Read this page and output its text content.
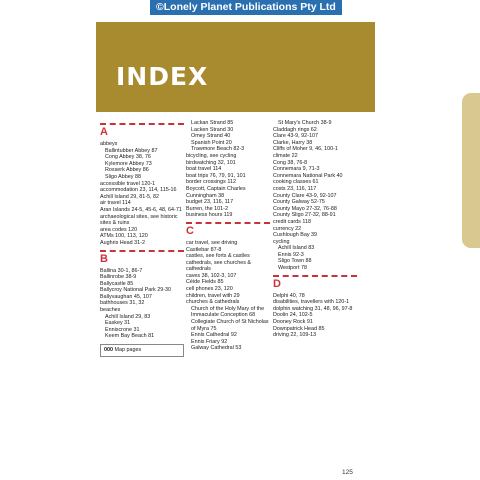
©Lonely Planet Publications Pty Ltd
INDEX
A
abbeys
Ballintubber Abbey 87
Cong Abbey 38, 76
Kylemore Abbey 73
Rosserk Abbey 86
Sligo Abbey 88
accessible travel 120-1
accommodation 23, 114, 115-16
Achill Island 29, 81-5, 82
air travel 114
Aran Islands 24-5, 45-6, 48, 64-71
archaeological sites, see historic sites & ruins
area codes 120
ATMs 100, 113, 120
Aughris Head 31-2
B
Ballina 30-1, 86-7
Ballinrobe 38-9
Ballycastle 85
Ballycroy National Park 29-30
Ballyvaughan 45, 107
bathhouses 31, 32
beaches
Achill Island 29, 83
Easkey 31
Enniscrone 31
Keem Bay Beach 81
000 Map pages
Lackan Strand 85
Lacken Strand 30
Omey Strand 40
Spanish Point 20
Trawmore Beach 82-3
bicycling, see cycling
birdwatching 32, 101
boat travel 114
boat trips 76, 79, 91, 101
border crossings 112
Boycott, Captain Charles Cunningham 38
budget 23, 116, 117
Burren, the 101-2
business hours 119
C
car travel, see driving
Castlebar 87-8
castles, see forts & castles
cathedrals, see churches & cathedrals
caves 38, 102-3, 107
Céide Fields 85
cell phones 23, 120
children, travel with 29
churches & cathedrals
Church of the Holy Mary of the Immaculate Conception 68
Collegiate Church of St Nicholas of Myra 75
Ennis Cathedral 92
Ennis Friary 92
Galway Cathedral 53
St Mary's Church 38-9
Claddagh rings 62
Clare 43-9, 92-107
Clarke, Harry 38
Cliffs of Moher 9, 46, 100-1
climate 22
Cong 38, 76-8
Connemara 9, 71-3
Connemara National Park 40
cooking classes 61
costs 23, 116, 117
County Clare 43-9, 92-107
County Galway 52-75
County Mayo 27-32, 76-88
County Sligo 27-32, 88-91
credit cards 118
currency 22
Cushlough Bay 39
cycling
Achill Island 83
Ennis 92-3
Sligo Town 88
Westport 78
D
Delphi 40, 78
disabilities, travellers with 120-1
dolphin watching 31, 48, 96, 97-8
Doolin 24, 102-5
Dooney Rock 91
Downpatrick Head 85
driving 22, 109-13
125
